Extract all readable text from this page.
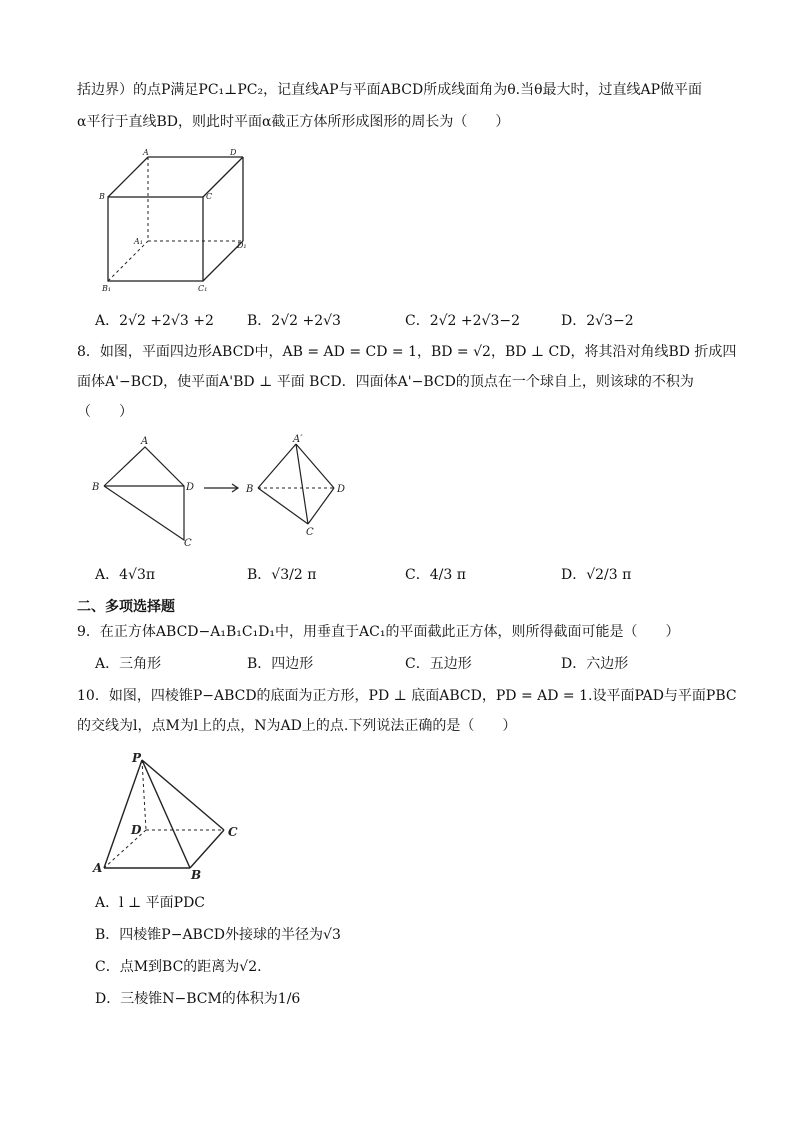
括边界）的点P满足PC₁⊥PC₂，记直线AP与平面ABCD所成线面角为θ.当θ最大时，过直线AP做平面
α平行于直线BD，则此时平面α截正方体所形成图形的周长为（　　）
A	D
B	C
A₁	D₁
B₁	C₁
A．2√2 +2√3 +2 B．2√2 +2√3	C．2√2 +2√3−2	D．2√3−2
8．如图，平面四边形ABCD中，AB = AD = CD = 1，BD = √2，BD ⊥ CD，将其沿对角线BD 折成四
面体A'−BCD，使平面A'BD ⊥ 平面 BCD．四面体A'−BCD的顶点在一个球自上，则该球的不积为
（　　）
A
B	D
C
A′
B	D
C
A．4√3π	B．√3/2 π	C．4/3 π	D．√2/3 π
二、多项选择题
9．在正方体ABCD−A₁B₁C₁D₁中，用垂直于AC₁的平面截此正方体，则所得截面可能是（　　）
A．三角形	B．四边形	C．五边形	D．六边形
10．如图，四棱锥P−ABCD的底面为正方形，PD ⊥ 底面ABCD，PD = AD = 1.设平面PAD与平面PBC
的交线为l，点M为l上的点，N为AD上的点.下列说法正确的是（　　）
P
D	C
A	B
A．l ⊥ 平面PDC
B．四棱锥P−ABCD外接球的半径为√3
C．点M到BC的距离为√2.
D．三棱锥N−BCM的体积为1/6
